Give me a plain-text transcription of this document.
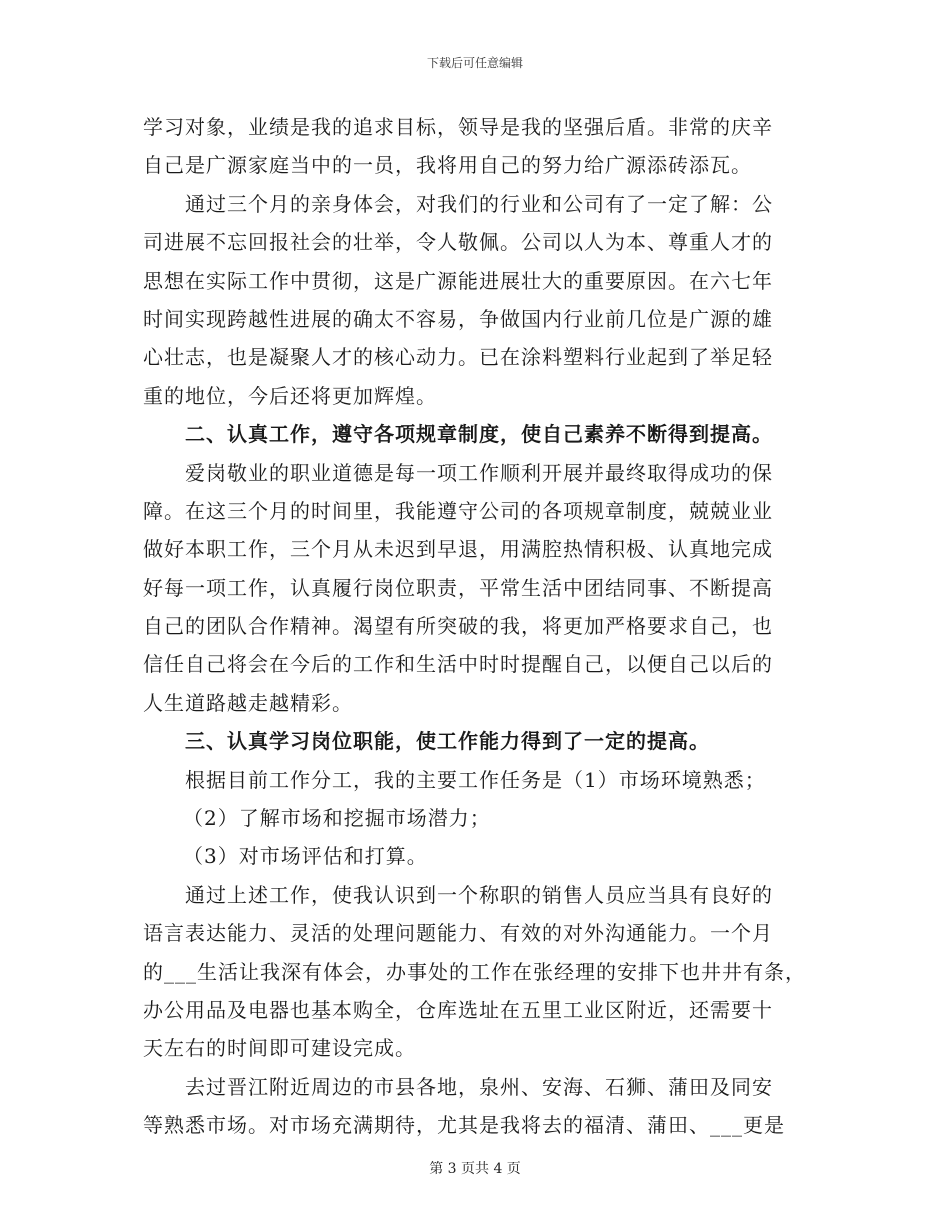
下载后可任意编辑
学习对象，业绩是我的追求目标，领导是我的坚强后盾。非常的庆辛
自己是广源家庭当中的一员，我将用自己的努力给广源添砖添瓦。
通过三个月的亲身体会，对我们的行业和公司有了一定了解：公
司进展不忘回报社会的壮举，令人敬佩。公司以人为本、尊重人才的
思想在实际工作中贯彻，这是广源能进展壮大的重要原因。在六七年
时间实现跨越性进展的确太不容易，争做国内行业前几位是广源的雄
心壮志，也是凝聚人才的核心动力。已在涂料塑料行业起到了举足轻
重的地位，今后还将更加辉煌。
二、认真工作，遵守各项规章制度，使自己素养不断得到提高。
爱岗敬业的职业道德是每一项工作顺利开展并最终取得成功的保
障。在这三个月的时间里，我能遵守公司的各项规章制度，兢兢业业
做好本职工作，三个月从未迟到早退，用满腔热情积极、认真地完成
好每一项工作，认真履行岗位职责，平常生活中团结同事、不断提高
自己的团队合作精神。渴望有所突破的我，将更加严格要求自己，也
信任自己将会在今后的工作和生活中时时提醒自己，以便自己以后的
人生道路越走越精彩。
三、认真学习岗位职能，使工作能力得到了一定的提高。
根据目前工作分工，我的主要工作任务是（1）市场环境熟悉；
（2）了解市场和挖掘市场潜力；
（3）对市场评估和打算。
通过上述工作，使我认识到一个称职的销售人员应当具有良好的
语言表达能力、灵活的处理问题能力、有效的对外沟通能力。一个月
的___生活让我深有体会，办事处的工作在张经理的安排下也井井有条，
办公用品及电器也基本购全，仓库选址在五里工业区附近，还需要十
天左右的时间即可建设完成。
去过晋江附近周边的市县各地，泉州、安海、石狮、蒲田及同安
等熟悉市场。对市场充满期待，尤其是我将去的福清、蒲田、___更是
第 3 页共 4 页
